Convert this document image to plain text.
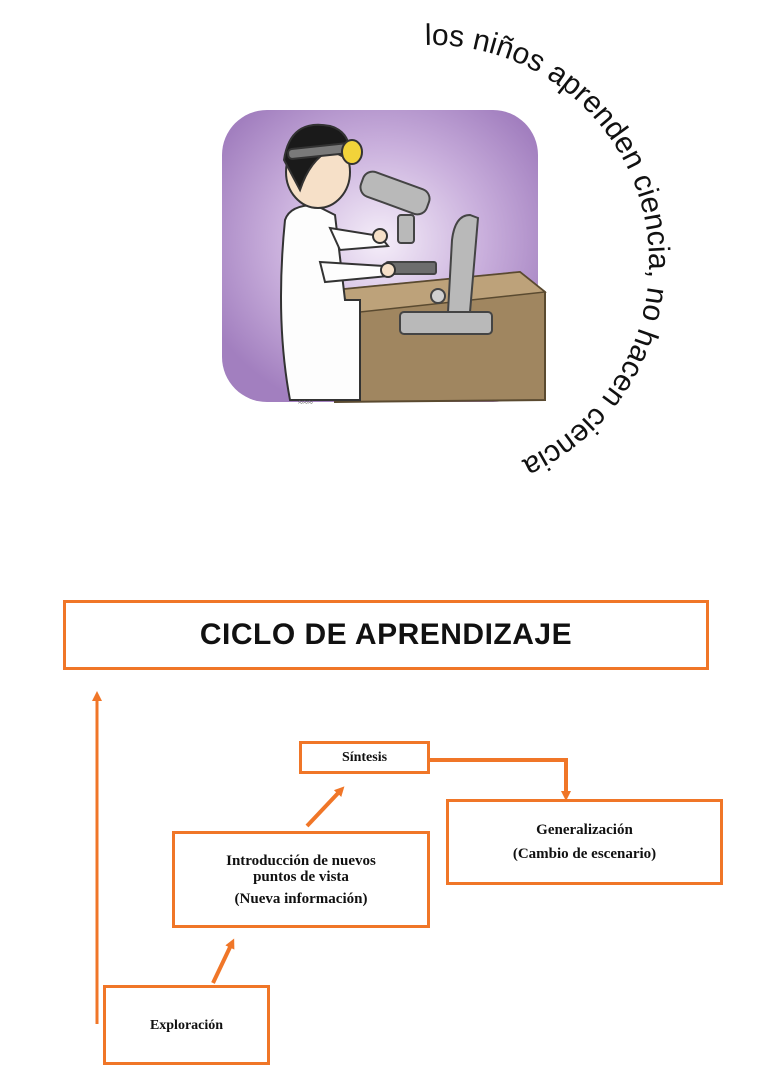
≈≈≈
los niños aprenden ciencia, no hacen ciencia
CICLO DE APRENDIZAJE
Síntesis
Generalización
(Cambio de escenario)
Introducción de nuevos
puntos de vista
(Nueva información)
Exploración
